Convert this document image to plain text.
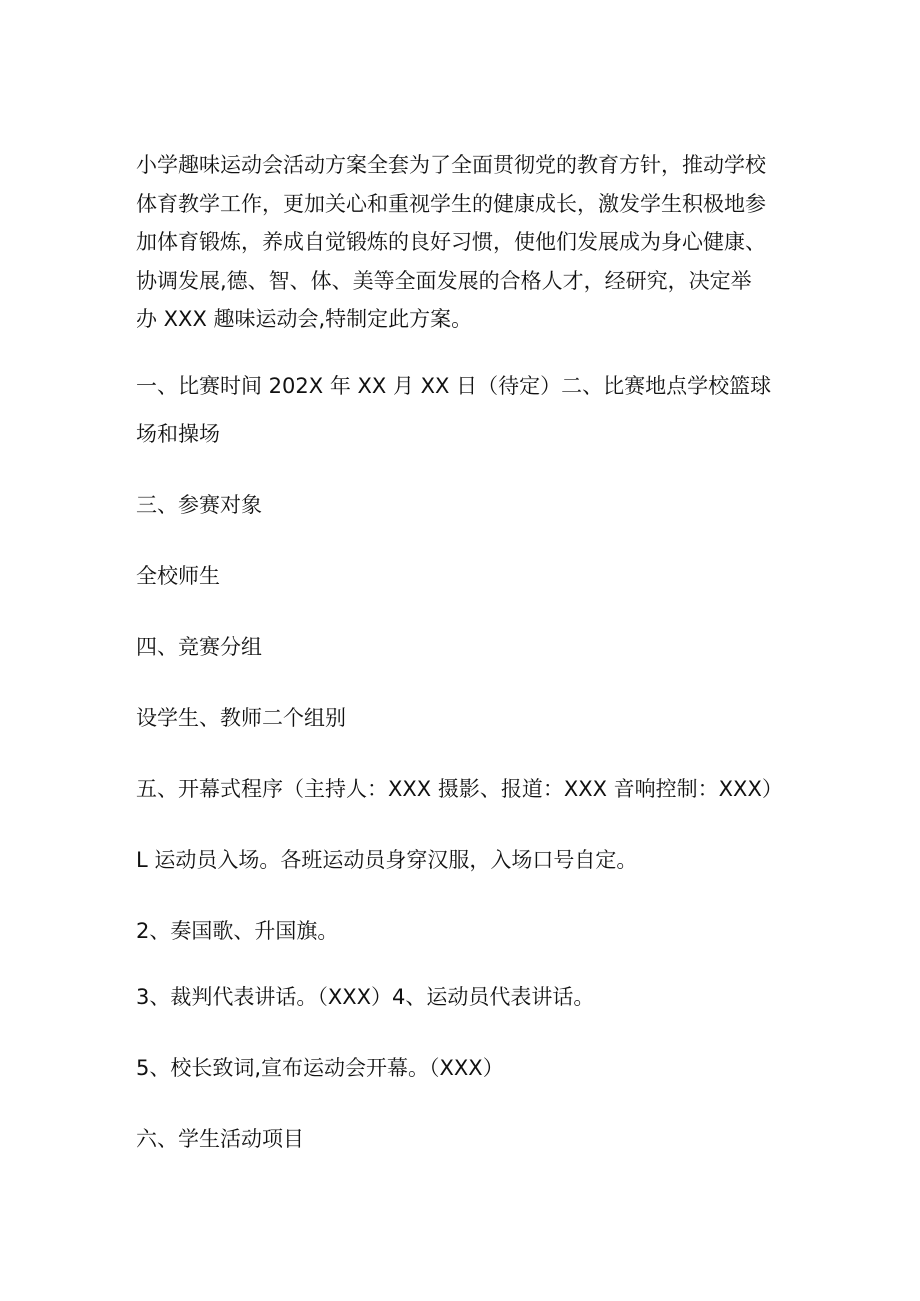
小学趣味运动会活动方案全套为了全面贯彻党的教育方针，推动学校
体育教学工作，更加关心和重视学生的健康成长，激发学生积极地参
加体育锻炼，养成自觉锻炼的良好习惯，使他们发展成为身心健康、
协调发展,德、智、体、美等全面发展的合格人才，经研究，决定举
办 XXX 趣味运动会,特制定此方案。

一、比赛时间 202X 年 XX 月 XX 日（待定）二、比赛地点学校篮球

场和操场

三、参赛对象

全校师生

四、竞赛分组

设学生、教师二个组别

五、开幕式程序（主持人：XXX 摄影、报道：XXX 音响控制：XXX）

L 运动员入场。各班运动员身穿汉服，入场口号自定。

2、奏国歌、升国旗。

3、裁判代表讲话。（XXX）4、运动员代表讲话。

5、校长致词,宣布运动会开幕。（XXX）

六、学生活动项目
